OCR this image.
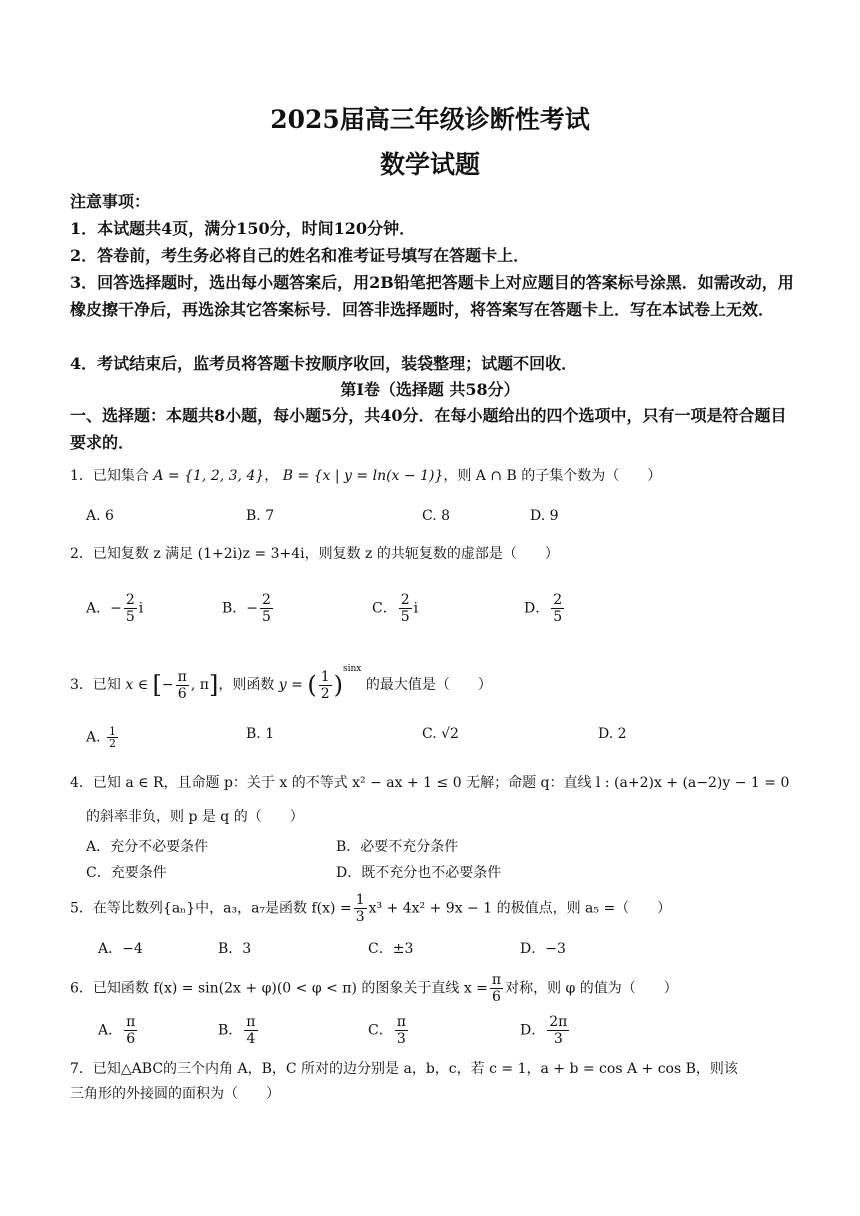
2025届高三年级诊断性考试
数学试题
注意事项：
1．本试题共4页，满分150分，时间120分钟．
2．答卷前，考生务必将自己的姓名和准考证号填写在答题卡上．
3．回答选择题时，选出每小题答案后，用2B铅笔把答题卡上对应题目的答案标号涂黑．如需改动，用橡皮擦干净后，再选涂其它答案标号．回答非选择题时，将答案写在答题卡上．写在本试卷上无效．
4．考试结束后，监考员将答题卡按顺序收回，装袋整理；试题不回收．
第Ⅰ卷（选择题 共58分）
一、选择题：本题共8小题，每小题5分，共40分．在每小题给出的四个选项中，只有一项是符合题目要求的．
1．已知集合 A = {1, 2, 3, 4}， B = {x | y = ln(x − 1)}，则 A ∩ B 的子集个数为（　　）
A. 6	B. 7	C. 8	D. 9
2．已知复数 z 满足 (1+2i)z = 3+4i，则复数 z 的共轭复数的虚部是（　　）
A．− $\frac{2}{5}$ i	B．− $\frac{2}{5}$	C． $\frac{2}{5}$ i	D． $\frac{2}{5}$
3．已知 x ∈ [− $\frac{\pi}{6}$ , π]，则函数 y = ( $\frac{1}{2} )^{sinx}$ 的最大值是（　　）
A. $\frac{1}{2}$	B. 1	C. √2	D. 2
4．已知 a ∈ R，且命题 p：关于 x 的不等式 x² − ax + 1 ≤ 0 无解；命题 q：直线 l : (a+2)x + (a−2)y − 1 = 0
的斜率非负，则 p 是 q 的（　　）
A．充分不必要条件	B．必要不充分条件
C．充要条件	D．既不充分也不必要条件
5．在等比数列{aₙ}中，a₃，a₇是函数 $f(x) = \frac{1}{3} x^3 + 4x^2 + 9x - 1$ 的极值点，则 a₅ =（　　）
A．−4	B．3	C．±3	D．−3
6．已知函数 f(x) = sin(2x + φ)(0 < φ < π) 的图象关于直线 $x = \frac{\pi}{6}$ 对称，则 φ 的值为（　　）
A． $\frac{\pi}{6}$	B． $\frac{\pi}{4}$	C． $\frac{\pi}{3}$	D． $\frac{2\pi}{3}$
7．已知△ABC的三个内角 A，B，C 所对的边分别是 a，b，c，若 c = 1，a + b = cos A + cos B，则该
三角形的外接圆的面积为（　　）
